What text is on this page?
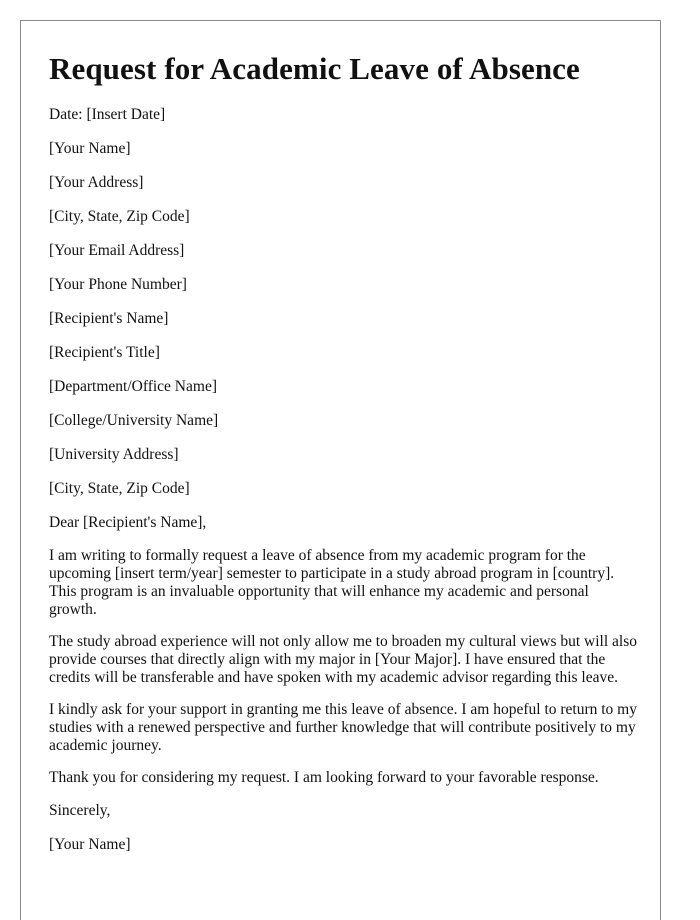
Request for Academic Leave of Absence

Date: [Insert Date]

[Your Name]

[Your Address]

[City, State, Zip Code]

[Your Email Address]

[Your Phone Number]

[Recipient's Name]

[Recipient's Title]

[Department/Office Name]

[College/University Name]

[University Address]

[City, State, Zip Code]

Dear [Recipient's Name],

I am writing to formally request a leave of absence from my academic program for the upcoming [insert term/year] semester to participate in a study abroad program in [country]. This program is an invaluable opportunity that will enhance my academic and personal growth.

The study abroad experience will not only allow me to broaden my cultural views but will also provide courses that directly align with my major in [Your Major]. I have ensured that the credits will be transferable and have spoken with my academic advisor regarding this leave.

I kindly ask for your support in granting me this leave of absence. I am hopeful to return to my studies with a renewed perspective and further knowledge that will contribute positively to my academic journey.

Thank you for considering my request. I am looking forward to your favorable response.

Sincerely,

[Your Name]
